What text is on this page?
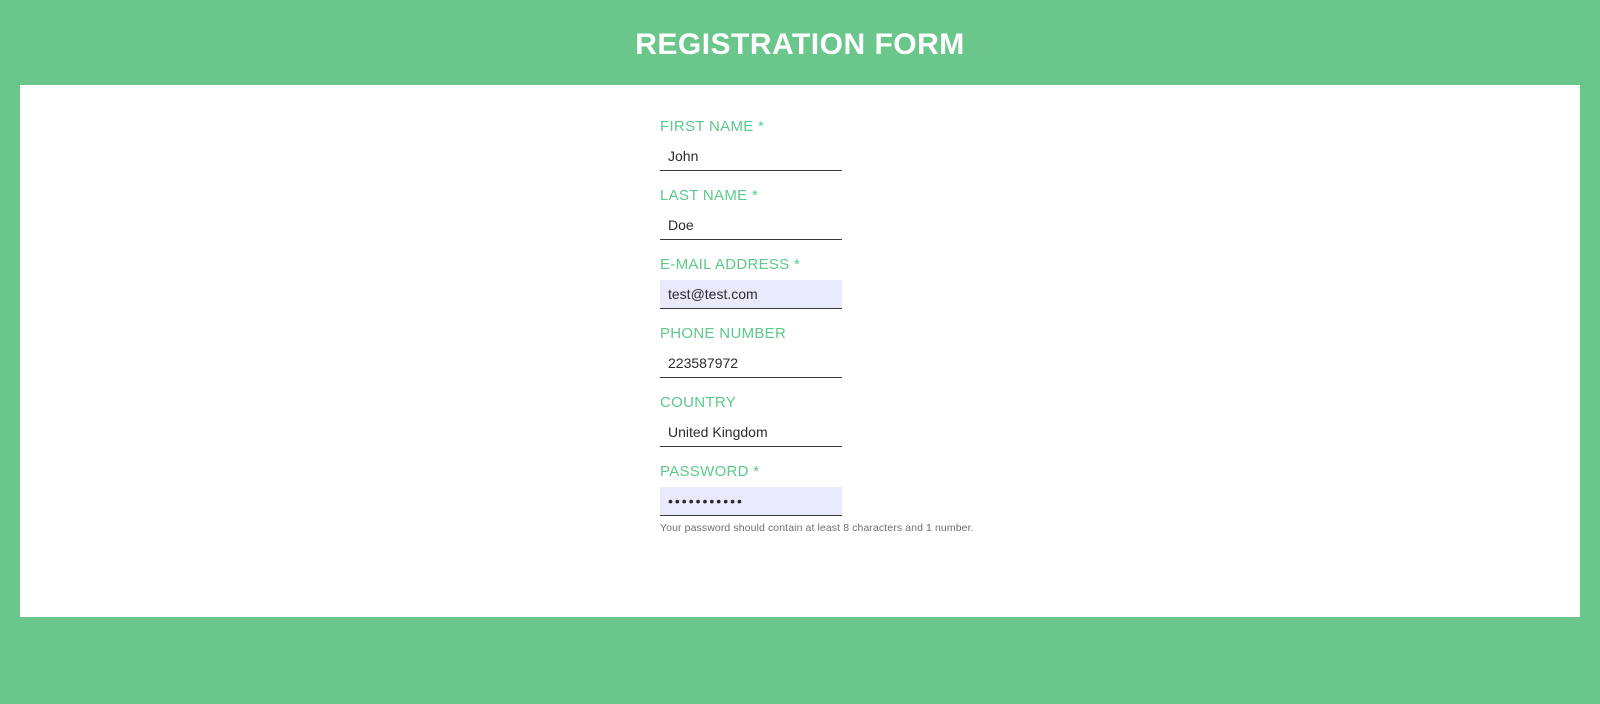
REGISTRATION FORM
FIRST NAME *
John
LAST NAME *
Doe
E-MAIL ADDRESS *
test@test.com
PHONE NUMBER
223587972
COUNTRY
United Kingdom
PASSWORD *
•••••••••••
Your password should contain at least 8 characters and 1 number.
